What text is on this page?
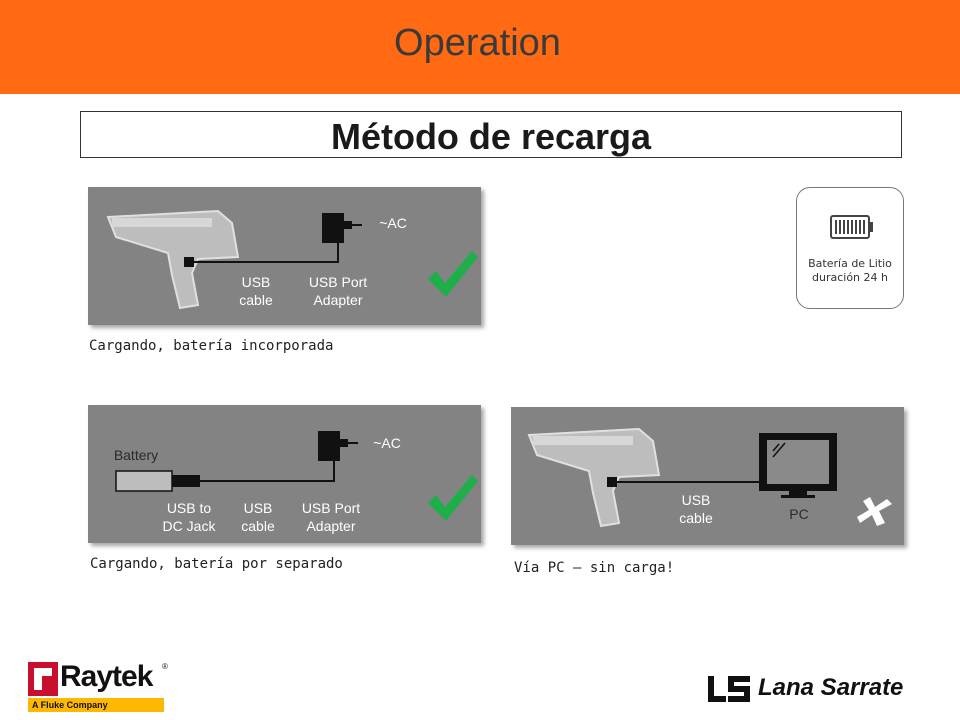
Operation
Método de recarga
~AC
USB
cable
USB Port
Adapter
Cargando, batería incorporada
Batería de Litio
duración 24 h
Battery
~AC
USB to
DC Jack
USB
cable
USB Port
Adapter
Cargando, batería por separado
USB
cable	PC
Vía PC – sin carga!
Raytek ®
A Fluke Company
Lana Sarrate
